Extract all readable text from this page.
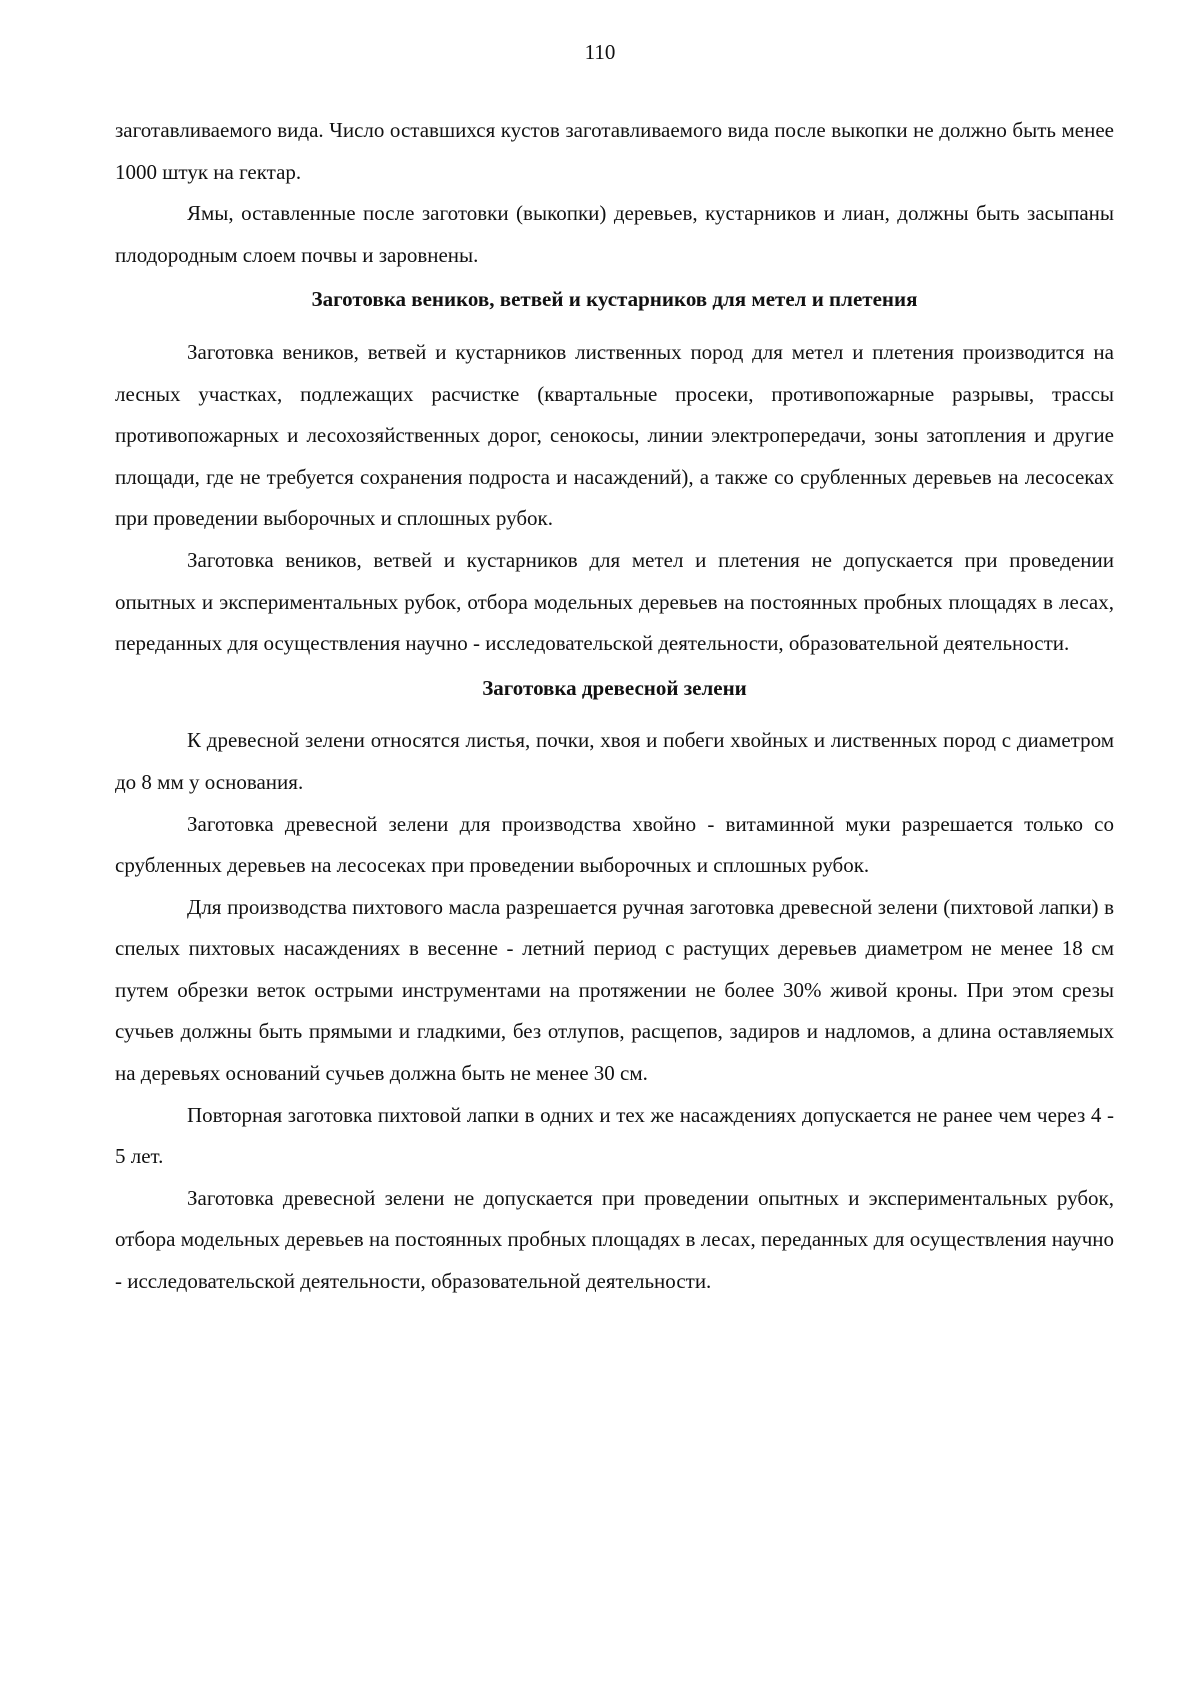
110

заготавливаемого вида. Число оставшихся кустов заготавливаемого вида после выкопки не должно быть менее 1000 штук на гектар.

Ямы, оставленные после заготовки (выкопки) деревьев, кустарников и лиан, должны быть засыпаны плодородным слоем почвы и заровнены.

Заготовка веников, ветвей и кустарников для метел и плетения

Заготовка веников, ветвей и кустарников лиственных пород для метел и плетения производится на лесных участках, подлежащих расчистке (квартальные просеки, противопожарные разрывы, трассы противопожарных и лесохозяйственных дорог, сенокосы, линии электропередачи, зоны затопления и другие площади, где не требуется сохранения подроста и насаждений), а также со срубленных деревьев на лесосеках при проведении выборочных и сплошных рубок.

Заготовка веников, ветвей и кустарников для метел и плетения не допускается при проведении опытных и экспериментальных рубок, отбора модельных деревьев на постоянных пробных площадях в лесах, переданных для осуществления научно - исследовательской деятельности, образовательной деятельности.

Заготовка древесной зелени

К древесной зелени относятся листья, почки, хвоя и побеги хвойных и лиственных пород с диаметром до 8 мм у основания.

Заготовка древесной зелени для производства хвойно - витаминной муки разрешается только со срубленных деревьев на лесосеках при проведении выборочных и сплошных рубок.

Для производства пихтового масла разрешается ручная заготовка древесной зелени (пихтовой лапки) в спелых пихтовых насаждениях в весенне - летний период с растущих деревьев диаметром не менее 18 см путем обрезки веток острыми инструментами на протяжении не более 30% живой кроны. При этом срезы сучьев должны быть прямыми и гладкими, без отлупов, расщепов, задиров и надломов, а длина оставляемых на деревьях оснований сучьев должна быть не менее 30 см.

Повторная заготовка пихтовой лапки в одних и тех же насаждениях допускается не ранее чем через 4 - 5 лет.

Заготовка древесной зелени не допускается при проведении опытных и экспериментальных рубок, отбора модельных деревьев на постоянных пробных площадях в лесах, переданных для осуществления научно - исследовательской деятельности, образовательной деятельности.
